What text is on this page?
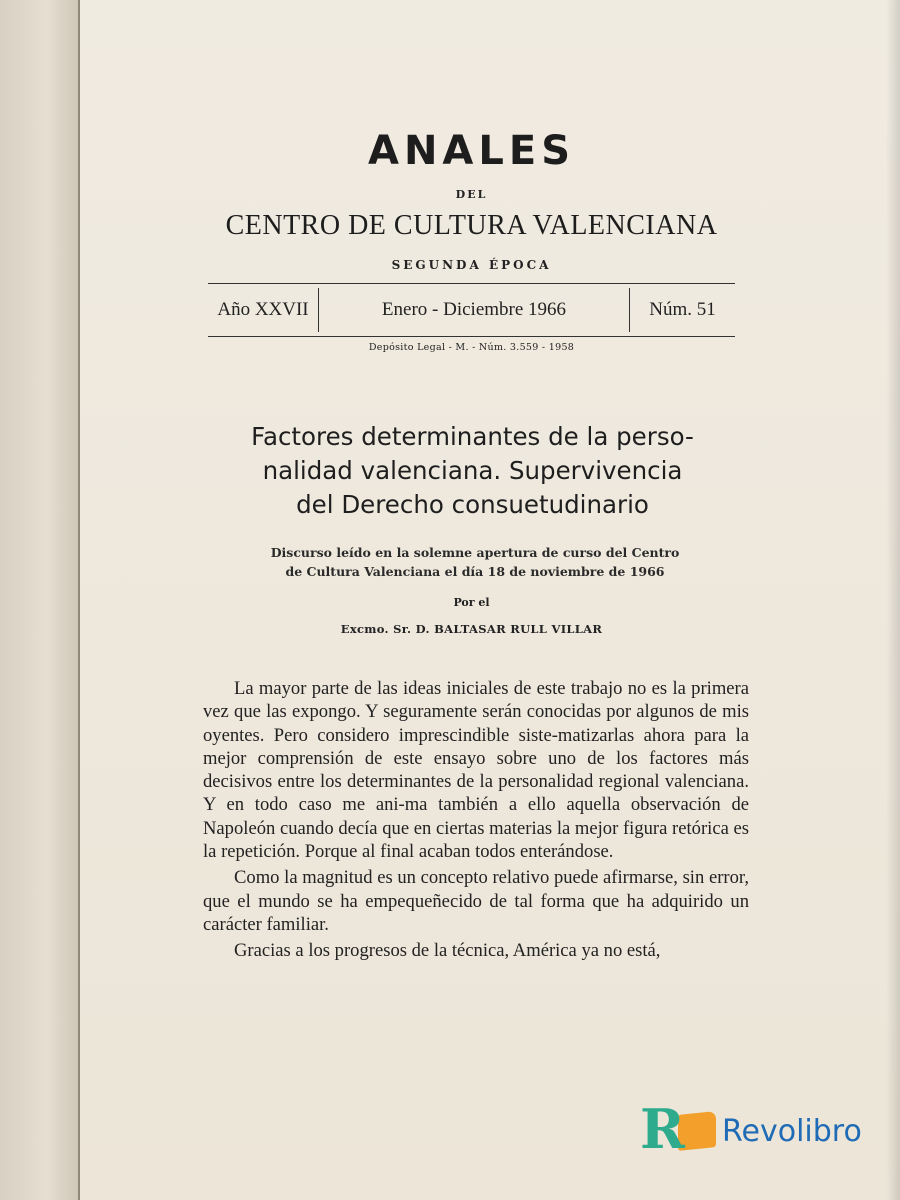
ANALES
DEL
CENTRO DE CULTURA VALENCIANA
SEGUNDA ÉPOCA
Año XXVII	Enero - Diciembre 1966	Núm. 51
Depósito Legal - M. - Núm. 3.559 - 1958
Factores determinantes de la perso-
nalidad valenciana. Supervivencia
del Derecho consuetudinario
Discurso leído en la solemne apertura de curso del Centro
de Cultura Valenciana el día 18 de noviembre de 1966
Por el
Excmo. Sr. D. BALTASAR RULL VILLAR

La mayor parte de las ideas iniciales de este trabajo no es la primera vez que las expongo. Y seguramente serán conocidas por algunos de mis oyentes. Pero considero imprescindible siste-matizarlas ahora para la mejor comprensión de este ensayo sobre uno de los factores más decisivos entre los determinantes de la personalidad regional valenciana. Y en todo caso me ani-ma también a ello aquella observación de Napoleón cuando decía que en ciertas materias la mejor figura retórica es la repetición. Porque al final acaban todos enterándose.

Como la magnitud es un concepto relativo puede afirmarse, sin error, que el mundo se ha empequeñecido de tal forma que ha adquirido un carácter familiar.

Gracias a los progresos de la técnica, América ya no está,

R Revolibro
